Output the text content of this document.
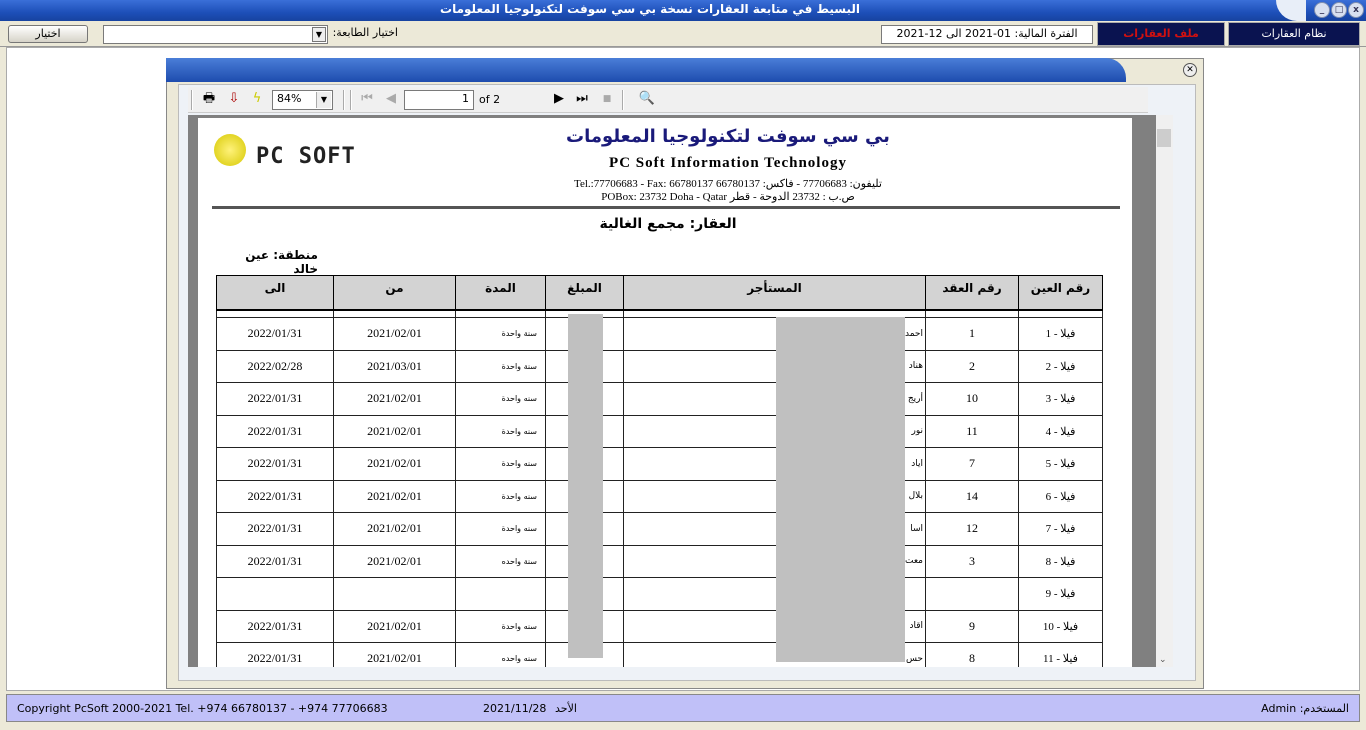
البسيط في متابعة العقارات نسخة بي سي سوفت لتكنولوجيا المعلومات	_	□	x
اختيار	▼ اختيار الطابعة:	الفترة المالية: 01-2021 الى 12-2021	ملف العقارات	نظام العقارات
✕
🖶 ⇩	ϟ	84%	▼	⏮	◀	1 of 2	▶ ⏭	■	🔍
PC SOFT
بي سي سوفت لتكنولوجيا المعلومات
PC Soft Information Technology
Tel.:77706683 - Fax: 66780137 66780137 :تليفون: 77706683 - فاكس
POBox: 23732 Doha - Qatar ص.ب : 23732 الدوحة - قطر
العقار: مجمع الغالية
منطقة: عين خالد
الى	من	المدة	المبلغ	المستأجر	رقم العقد	رقم العين

2022/01/31	2021/02/01	سنة واحدة		احمد	1	فيلا - 1
2022/02/28	2021/03/01	سنة واحدة		هناد	2	فيلا - 2
2022/01/31	2021/02/01	سنه واحدة		أريج	10	فيلا - 3
2022/01/31	2021/02/01	سنه واحدة		نور	11	فيلا - 4
2022/01/31	2021/02/01	سنه واحدة		اياد	7	فيلا - 5
2022/01/31	2021/02/01	سنه واحدة		بلال	14	فيلا - 6
2022/01/31	2021/02/01	سنه واحدة		اسا	12	فيلا - 7
2022/01/31	2021/02/01	سنة واحده		معت	3	فيلا - 8
						فيلا - 9
2022/01/31	2021/02/01	سنه واحدة		اقاد	9	فيلا - 10
2022/01/31	2021/02/01	سنه واحده		حس	8	فيلا - 11	⌄
Copyright PcSoft 2000-2021 Tel. +974 66780137 - +974 77706683	2021/11/28 الأحد	المستخدم: Admin
